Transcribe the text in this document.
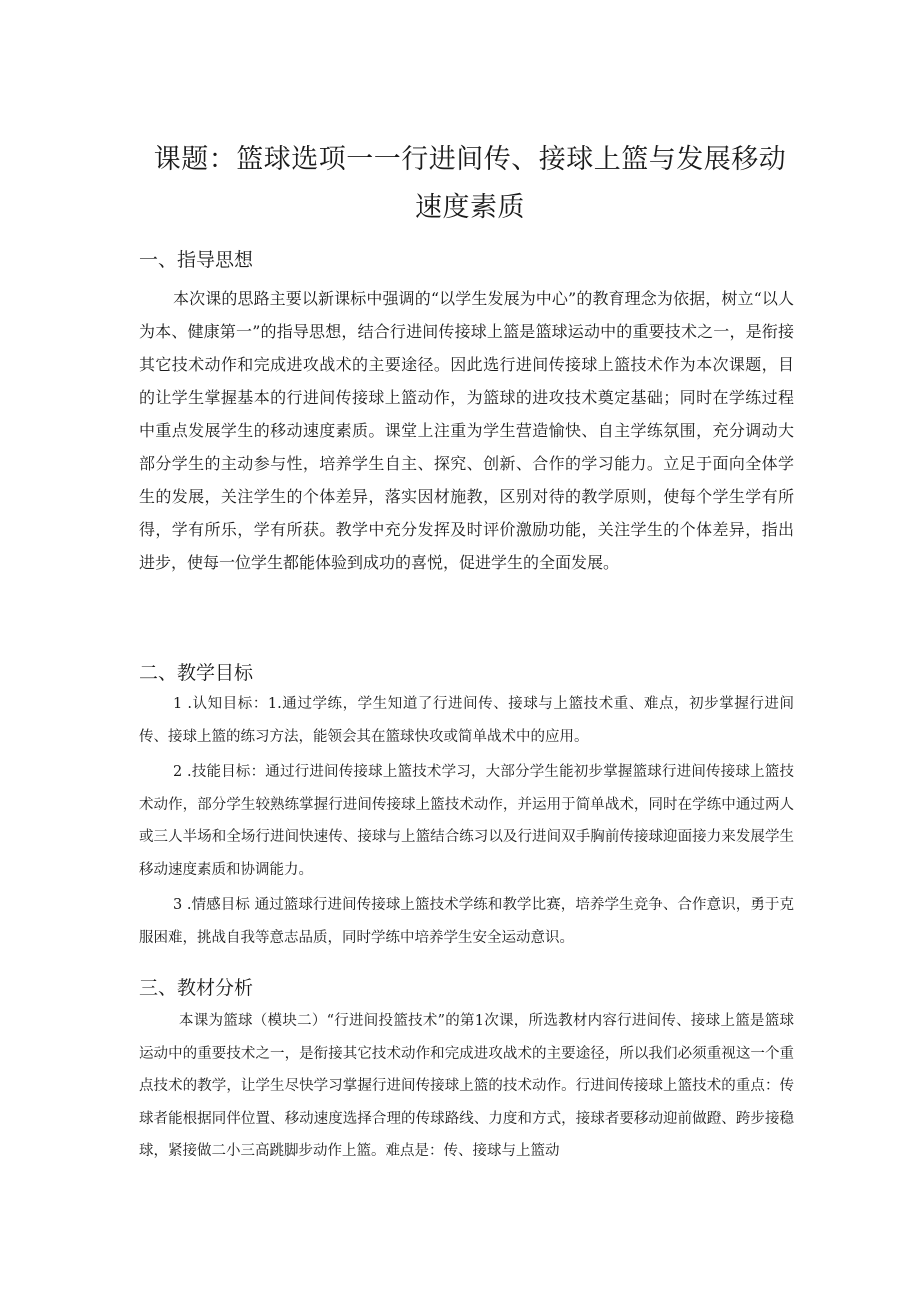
课题：篮球选项一一行进间传、接球上篮与发展移动
速度素质
一、指导思想

本次课的思路主要以新课标中强调的“以学生发展为中心”的教育理念为依据，树立“以人为本、健康第一”的指导思想，结合行进间传接球上篮是篮球运动中的重要技术之一，是衔接其它技术动作和完成进攻战术的主要途径。因此选行进间传接球上篮技术作为本次课题，目的让学生掌握基本的行进间传接球上篮动作，为篮球的进攻技术奠定基础；同时在学练过程中重点发展学生的移动速度素质。课堂上注重为学生营造愉快、自主学练氛围，充分调动大部分学生的主动参与性，培养学生自主、探究、创新、合作的学习能力。立足于面向全体学生的发展，关注学生的个体差异，落实因材施教，区别对待的教学原则，使每个学生学有所得，学有所乐，学有所获。教学中充分发挥及时评价激励功能，关注学生的个体差异，指出进步，使每一位学生都能体验到成功的喜悦，促进学生的全面发展。

二、教学目标

1 .认知目标：1.通过学练，学生知道了行进间传、接球与上篮技术重、难点，初步掌握行进间传、接球上篮的练习方法，能领会其在篮球快攻或简单战术中的应用。

2 .技能目标：通过行进间传接球上篮技术学习，大部分学生能初步掌握篮球行进间传接球上篮技术动作，部分学生较熟练掌握行进间传接球上篮技术动作，并运用于简单战术，同时在学练中通过两人或三人半场和全场行进间快速传、接球与上篮结合练习以及行进间双手胸前传接球迎面接力来发展学生移动速度素质和协调能力。

3 .情感目标 通过篮球行进间传接球上篮技术学练和教学比赛，培养学生竞争、合作意识，勇于克服困难，挑战自我等意志品质，同时学练中培养学生安全运动意识。

三、教材分析

本课为篮球（模块二）“行进间投篮技术”的第1次课，所选教材内容行进间传、接球上篮是篮球运动中的重要技术之一，是衔接其它技术动作和完成进攻战术的主要途径，所以我们必须重视这一个重点技术的教学，让学生尽快学习掌握行进间传接球上篮的技术动作。行进间传接球上篮技术的重点：传球者能根据同伴位置、移动速度选择合理的传球路线、力度和方式，接球者要移动迎前做蹬、跨步接稳球，紧接做二小三高跳脚步动作上篮。难点是：传、接球与上篮动
